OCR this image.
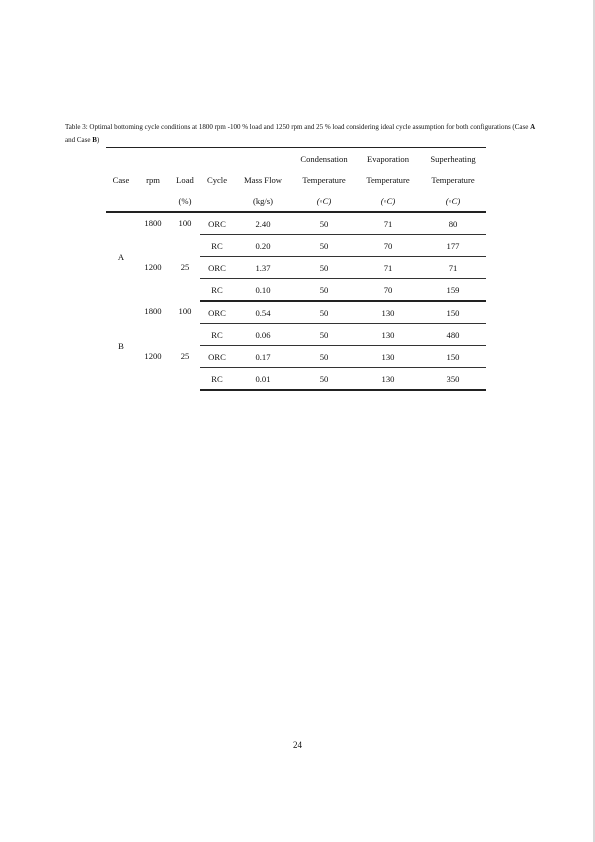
Table 3: Optimal bottoming cycle conditions at 1800 rpm -100 % load and 1250 rpm and 25 % load considering ideal cycle assumption for both configurations (Case A and Case B)
					Condensation	Evaporation	Superheating
Case	rpm	Load	Cycle	Mass Flow	Temperature	Temperature	Temperature
		(%)		(kg/s)	(◦C)	(◦C)	(◦C)
A	1800	100	ORC	2.40	50	71	80
			RC	0.20	50	70	177
	1200	25	ORC	1.37	50	71	71
			RC	0.10	50	70	159
B	1800	100	ORC	0.54	50	130	150
			RC	0.06	50	130	480
	1200	25	ORC	0.17	50	130	150
			RC	0.01	50	130	350
24
